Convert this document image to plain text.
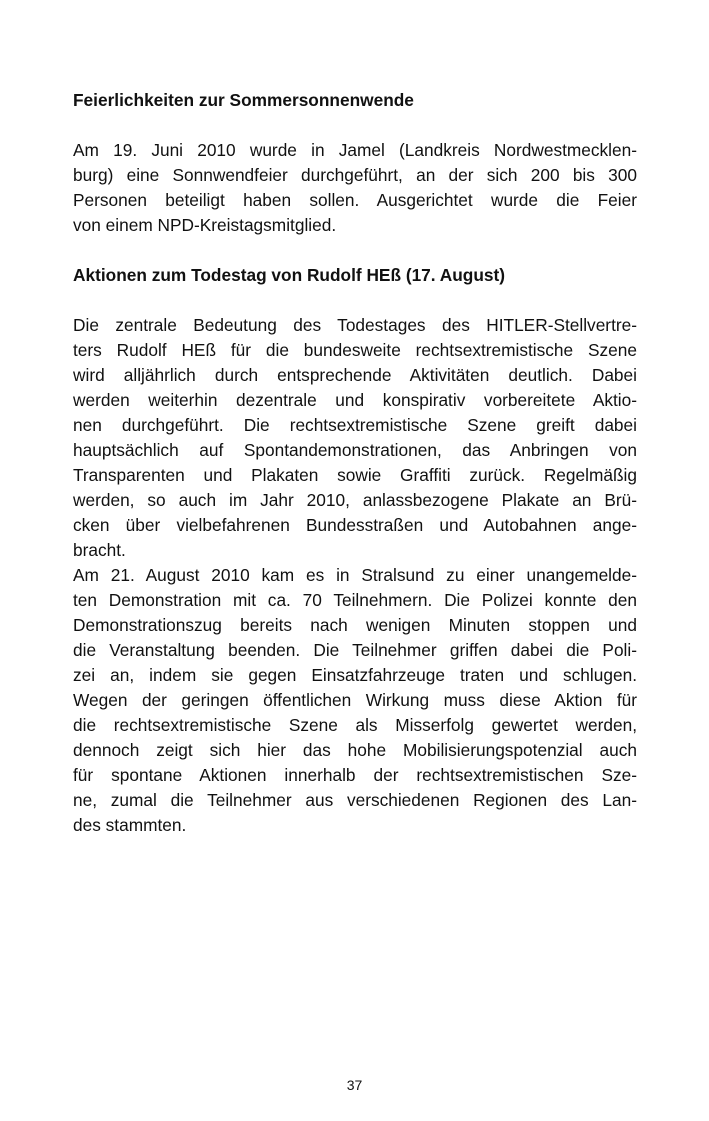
Feierlichkeiten zur Sommersonnenwende
Am 19. Juni 2010 wurde in Jamel (Landkreis Nordwestmecklen-
burg) eine Sonnwendfeier durchgeführt, an der sich 200 bis 300
Personen beteiligt haben sollen. Ausgerichtet wurde die Feier
von einem NPD-Kreistagsmitglied.
Aktionen zum Todestag von Rudolf HEß (17. August)
Die zentrale Bedeutung des Todestages des HITLER-Stellvertre-
ters Rudolf HEß für die bundesweite rechtsextremistische Szene
wird alljährlich durch entsprechende Aktivitäten deutlich. Dabei
werden weiterhin dezentrale und konspirativ vorbereitete Aktio-
nen durchgeführt. Die rechtsextremistische Szene greift dabei
hauptsächlich auf Spontandemonstrationen, das Anbringen von
Transparenten und Plakaten sowie Graffiti zurück. Regelmäßig
werden, so auch im Jahr 2010, anlassbezogene Plakate an Brü-
cken über vielbefahrenen Bundesstraßen und Autobahnen ange-
bracht.
Am 21. August 2010 kam es in Stralsund zu einer unangemelde-
ten Demonstration mit ca. 70 Teilnehmern. Die Polizei konnte den
Demonstrationszug bereits nach wenigen Minuten stoppen und
die Veranstaltung beenden. Die Teilnehmer griffen dabei die Poli-
zei an, indem sie gegen Einsatzfahrzeuge traten und schlugen.
Wegen der geringen öffentlichen Wirkung muss diese Aktion für
die rechtsextremistische Szene als Misserfolg gewertet werden,
dennoch zeigt sich hier das hohe Mobilisierungspotenzial auch
für spontane Aktionen innerhalb der rechtsextremistischen Sze-
ne, zumal die Teilnehmer aus verschiedenen Regionen des Lan-
des stammten.
37
